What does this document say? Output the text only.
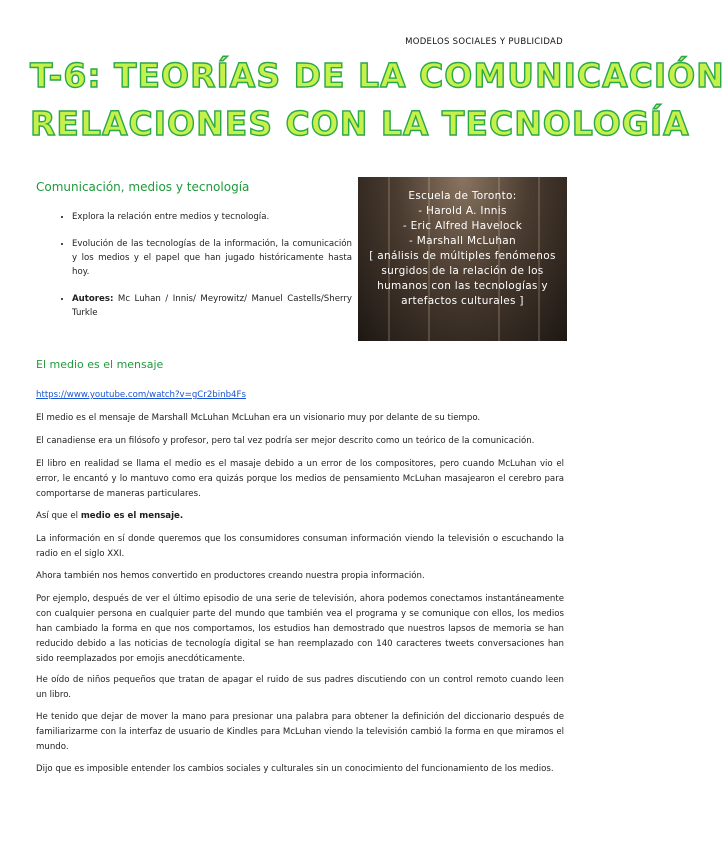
MODELOS SOCIALES Y PUBLICIDAD
T-6: TEORÍAS DE LA COMUNICACIÓN
RELACIONES CON LA TECNOLOGÍA
Comunicación, medios y tecnología
• Explora la relación entre medios y tecnología.
• Evolución de las tecnologías de la información, la comunicación y los medios y el papel que han jugado históricamente hasta hoy.
• Autores: Mc Luhan / Innis/ Meyrowitz/ Manuel Castells/Sherry Turkle
Escuela de Toronto:
- Harold A. Innis
- Eric Alfred Havelock
- Marshall McLuhan
[ análisis de múltiples fenómenos
surgidos de la relación de los
humanos con las tecnologías y
artefactos culturales ]
El medio es el mensaje
https://www.youtube.com/watch?v=gCr2binb4Fs

El medio es el mensaje de Marshall McLuhan McLuhan era un visionario muy por delante de su tiempo.

El canadiense era un filósofo y profesor, pero tal vez podría ser mejor descrito como un teórico de la comunicación.

El libro en realidad se llama el medio es el masaje debido a un error de los compositores, pero cuando McLuhan vio el error, le encantó y lo mantuvo como era quizás porque los medios de pensamiento McLuhan masajearon el cerebro para comportarse de maneras particulares.

Así que el medio es el mensaje.

La información en sí donde queremos que los consumidores consuman información viendo la televisión o escuchando la radio en el siglo XXI.

Ahora también nos hemos convertido en productores creando nuestra propia información.

Por ejemplo, después de ver el último episodio de una serie de televisión, ahora podemos conectamos instantáneamente con cualquier persona en cualquier parte del mundo que también vea el programa y se comunique con ellos, los medios han cambiado la forma en que nos comportamos, los estudios han demostrado que nuestros lapsos de memoria se han reducido debido a las noticias de tecnología digital se han reemplazado con 140 caracteres tweets conversaciones han sido reemplazados por emojis anecdóticamente.

He oído de niños pequeños que tratan de apagar el ruido de sus padres discutiendo con un control remoto cuando leen un libro.

He tenido que dejar de mover la mano para presionar una palabra para obtener la definición del diccionario después de familiarizarme con la interfaz de usuario de Kindles para McLuhan viendo la televisión cambió la forma en que miramos el mundo.

Dijo que es imposible entender los cambios sociales y culturales sin un conocimiento del funcionamiento de los medios.
